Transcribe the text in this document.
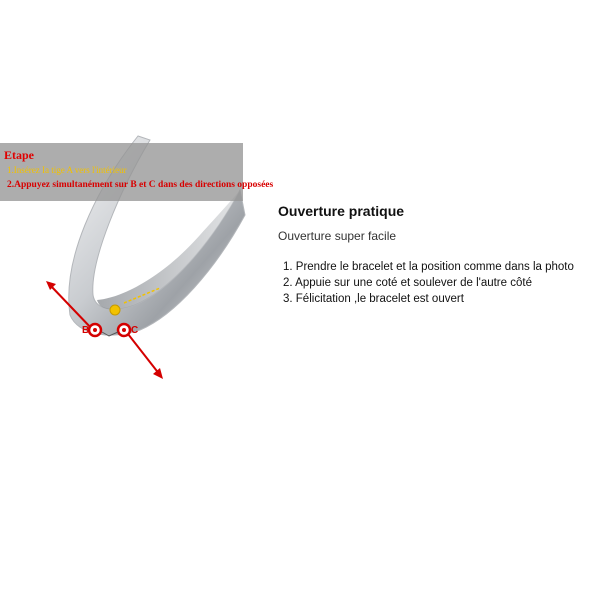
Etape
1.Insérez Ia tige A vers l'intérieur
2.Appuyez simultanément sur B et C dans des directions opposées
B	C
Ouverture pratique
Ouverture super facile
1. Prendre le bracelet et la position comme dans la photo
2. Appuie sur une coté et soulever de l'autre côté
3. Félicitation ,le bracelet est ouvert
